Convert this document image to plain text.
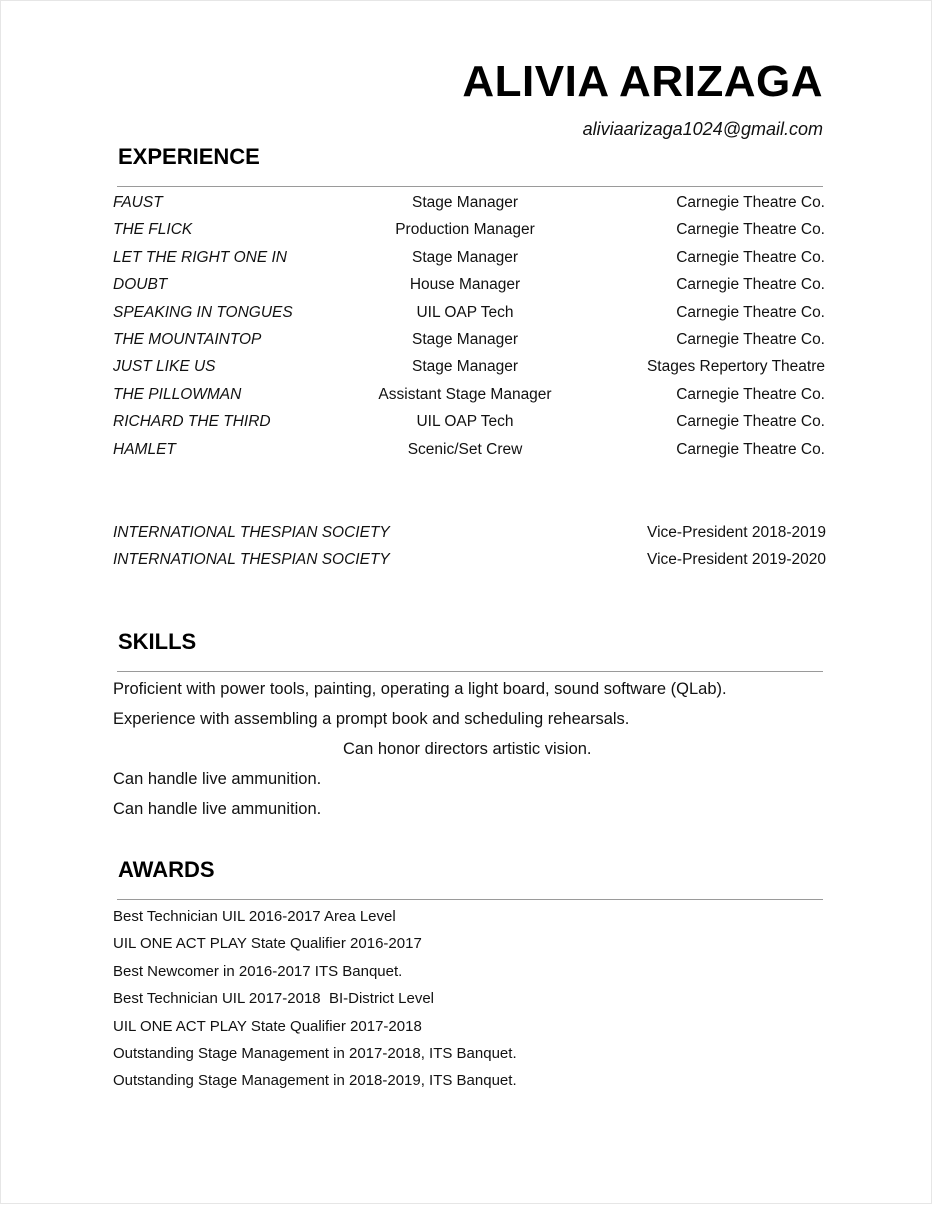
ALIVIA ARIZAGA
aliviaarizaga1024@gmail.com
EXPERIENCE
FAUST	Stage Manager	Carnegie Theatre Co.
THE FLICK	Production Manager	Carnegie Theatre Co.
LET THE RIGHT ONE IN	Stage Manager	Carnegie Theatre Co.
DOUBT	House Manager	Carnegie Theatre Co.
SPEAKING IN TONGUES	UIL OAP Tech	Carnegie Theatre Co.
THE MOUNTAINTOP	Stage Manager	Carnegie Theatre Co.
JUST LIKE US	Stage Manager	Stages Repertory Theatre
THE PILLOWMAN	Assistant Stage Manager	Carnegie Theatre Co.
RICHARD THE THIRD	UIL OAP Tech	Carnegie Theatre Co.
HAMLET	Scenic/Set Crew	Carnegie Theatre Co.
INTERNATIONAL THESPIAN SOCIETY	Vice-President 2018-2019
INTERNATIONAL THESPIAN SOCIETY	Vice-President 2019-2020
SKILLS
Proficient with power tools, painting, operating a light board, sound software (QLab).
Experience with assembling a prompt book and scheduling rehearsals.
Can honor directors artistic vision.
Can handle live ammunition.
Can handle live ammunition.
AWARDS
Best Technician UIL 2016-2017 Area Level
UIL ONE ACT PLAY State Qualifier 2016-2017
Best Newcomer in 2016-2017 ITS Banquet.
Best Technician UIL 2017-2018  BI-District Level
UIL ONE ACT PLAY State Qualifier 2017-2018
Outstanding Stage Management in 2017-2018, ITS Banquet.
Outstanding Stage Management in 2018-2019, ITS Banquet.
